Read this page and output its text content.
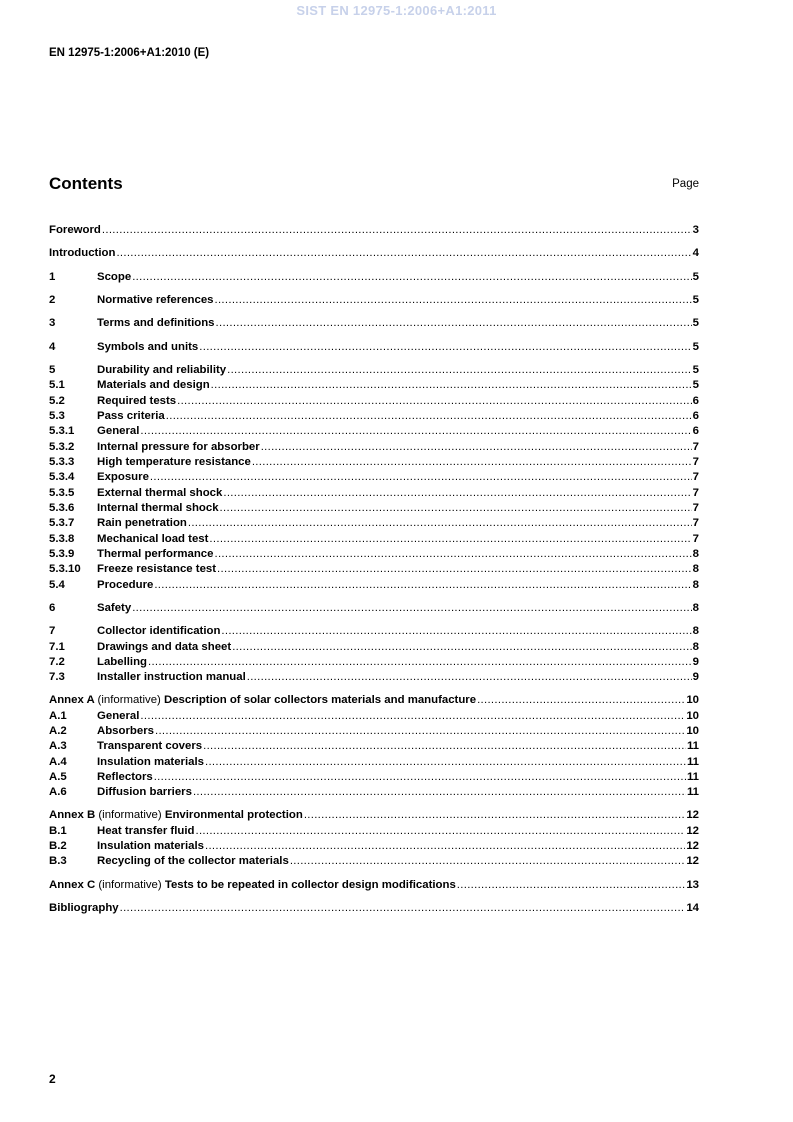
SIST EN 12975-1:2006+A1:2011
EN 12975-1:2006+A1:2010 (E)
Contents	Page
Foreword .....	3
Introduction .....	4
1	Scope .....	5
2	Normative references .....	5
3	Terms and definitions .....	5
4	Symbols and units .....	5
5	Durability and reliability .....	5
5.1	Materials and design .....	5
5.2	Required tests .....	6
5.3	Pass criteria .....	6
5.3.1	General .....	6
5.3.2	Internal pressure for absorber .....	7
5.3.3	High temperature resistance .....	7
5.3.4	Exposure .....	7
5.3.5	External thermal shock .....	7
5.3.6	Internal thermal shock .....	7
5.3.7	Rain penetration .....	7
5.3.8	Mechanical load test .....	7
5.3.9	Thermal performance .....	8
5.3.10	Freeze resistance test .....	8
5.4	Procedure .....	8
6	Safety .....	8
7	Collector identification .....	8
7.1	Drawings and data sheet .....	8
7.2	Labelling .....	9
7.3	Installer instruction manual .....	9
Annex A (informative) Description of solar collectors materials and manufacture .....	10
A.1	General .....	10
A.2	Absorbers .....	10
A.3	Transparent covers .....	11
A.4	Insulation materials .....	11
A.5	Reflectors .....	11
A.6	Diffusion barriers .....	11
Annex B (informative) Environmental protection .....	12
B.1	Heat transfer fluid .....	12
B.2	Insulation materials .....	12
B.3	Recycling of the collector materials .....	12
Annex C (informative) Tests to be repeated in collector design modifications .....	13
Bibliography .....	14
2
